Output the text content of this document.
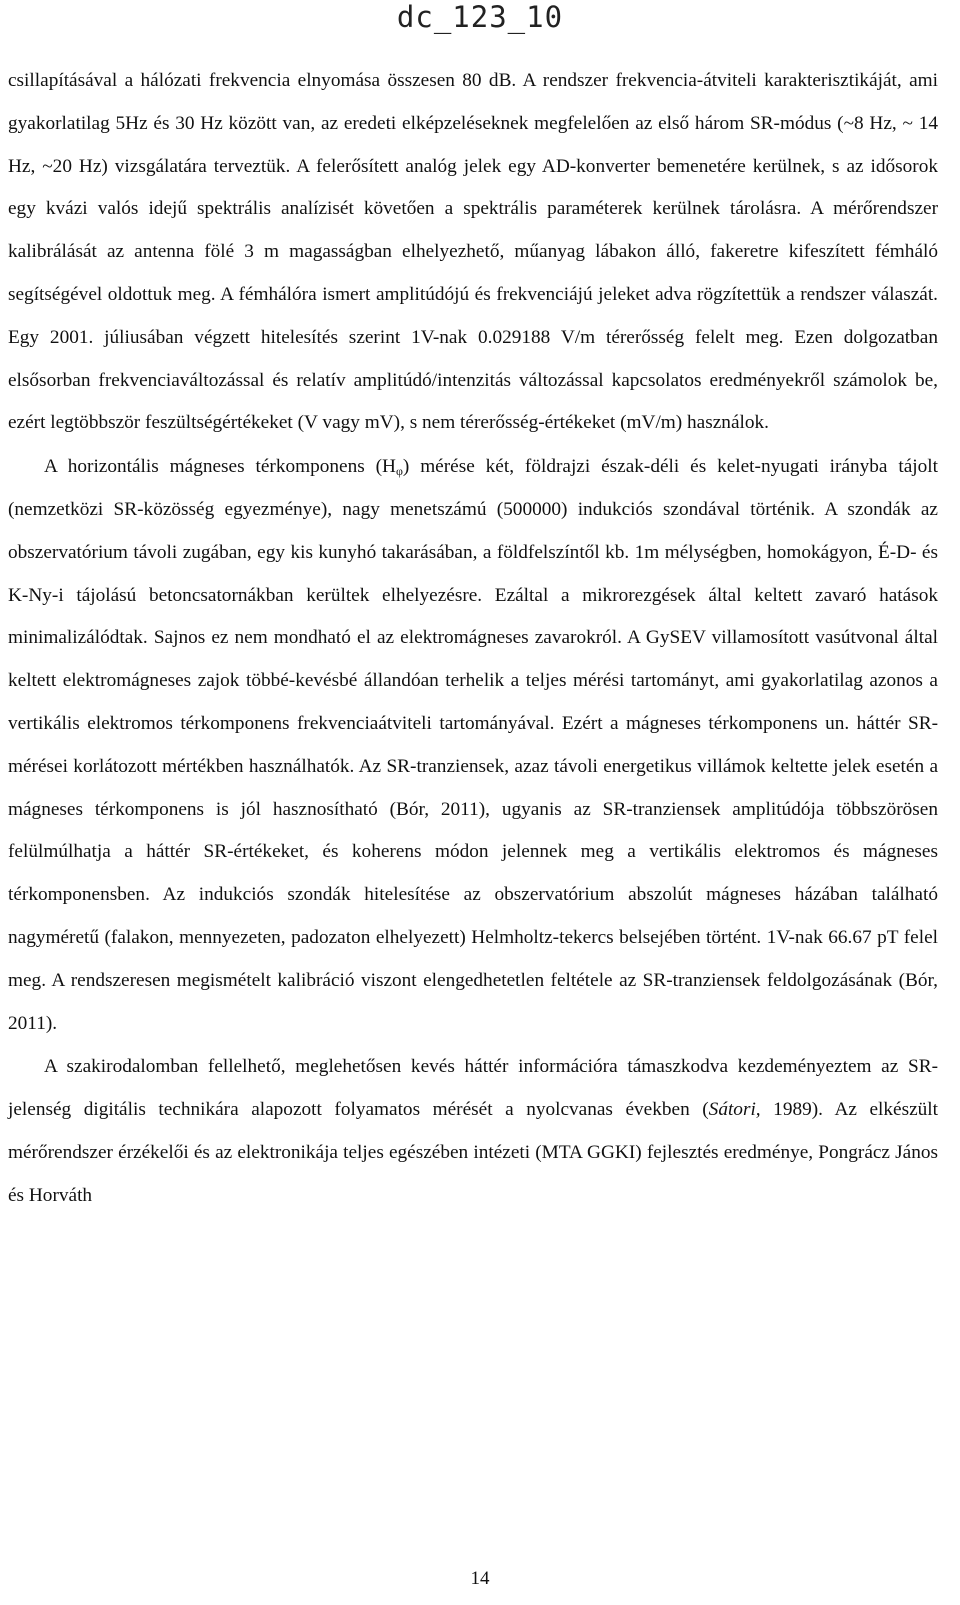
dc_123_10

csillapításával a hálózati frekvencia elnyomása összesen 80 dB. A rendszer frekvencia-átviteli karakterisztikáját, ami gyakorlatilag 5Hz és 30 Hz között van, az eredeti elképzeléseknek megfelelően az első három SR-módus (~8 Hz, ~ 14 Hz, ~20 Hz) vizsgálatára terveztük. A felerősített analóg jelek egy AD-konverter bemenetére kerülnek, s az idősorok egy kvázi valós idejű spektrális analízisét követően a spektrális paraméterek kerülnek tárolásra. A mérőrendszer kalibrálását az antenna fölé 3 m magasságban elhelyezhető, műanyag lábakon álló, fakeretre kifeszített fémháló segítségével oldottuk meg. A fémhálóra ismert amplitúdójú és frekvenciájú jeleket adva rögzítettük a rendszer válaszát. Egy 2001. júliusában végzett hitelesítés szerint 1V-nak 0.029188 V/m térerősség felelt meg. Ezen dolgozatban elsősorban frekvenciaváltozással és relatív amplitúdó/intenzitás változással kapcsolatos eredményekről számolok be, ezért legtöbbször feszültségértékeket (V vagy mV), s nem térerősség-értékeket (mV/m) használok.

A horizontális mágneses térkomponens $(H_\varphi)$ mérése két, földrajzi észak-déli és kelet-nyugati irányba tájolt (nemzetközi SR-közösség egyezménye), nagy menetszámú (500000) indukciós szondával történik. A szondák az obszervatórium távoli zugában, egy kis kunyhó takarásában, a földfelszíntől kb. 1m mélységben, homokágyon, É-D- és K-Ny-i tájolású betoncsatornákban kerültek elhelyezésre. Ezáltal a mikrorezgések által keltett zavaró hatások minimalizálódtak. Sajnos ez nem mondható el az elektromágneses zavarokról. A GySEV villamosított vasútvonal által keltett elektromágneses zajok többé-kevésbé állandóan terhelik a teljes mérési tartományt, ami gyakorlatilag azonos a vertikális elektromos térkomponens frekvenciaátviteli tartományával. Ezért a mágneses térkomponens un. háttér SR-mérései korlátozott mértékben használhatók. Az SR-tranziensek, azaz távoli energetikus villámok keltette jelek esetén a mágneses térkomponens is jól hasznosítható (Bór, 2011), ugyanis az SR-tranziensek amplitúdója többszörösen felülmúlhatja a háttér SR-értékeket, és koherens módon jelennek meg a vertikális elektromos és mágneses térkomponensben. Az indukciós szondák hitelesítése az obszervatórium abszolút mágneses házában található nagyméretű (falakon, mennyezeten, padozaton elhelyezett) Helmholtz-tekercs belsejében történt. 1V-nak 66.67 pT felel meg. A rendszeresen megismételt kalibráció viszont elengedhetetlen feltétele az SR-tranziensek feldolgozásának (Bór, 2011).

A szakirodalomban fellelhető, meglehetősen kevés háttér információra támaszkodva kezdeményeztem az SR-jelenség digitális technikára alapozott folyamatos mérését a nyolcvanas években (Sátori, 1989). Az elkészült mérőrendszer érzékelői és az elektronikája teljes egészében intézeti (MTA GGKI) fejlesztés eredménye, Pongrácz János és Horváth

14
